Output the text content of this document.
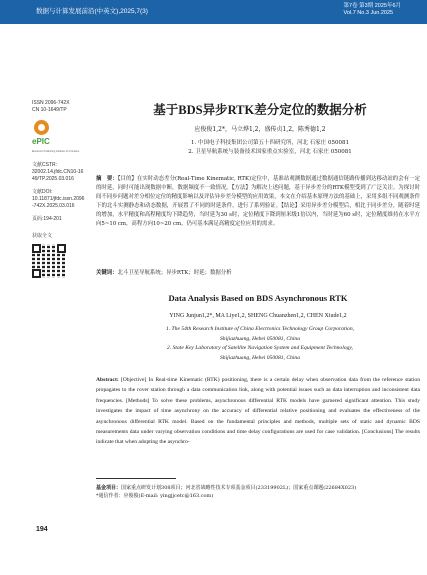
数据与计算发展前沿(中英文),2025,7(3)
第7卷 第3期 2025年6月
Vol.7 No.3 Jun.2025
ISSN 2096-742X
CN 10-1649/TP
ePIC
Electronic Publishing Initiative for Frontiers
文献CSTR:
32002.14.jfdc.CN10-1649/TP.2025.03.016
文献DOI:
10.11871/jfdc.issn.2096-742X.2025.03.016
页码:194-201
获取全文
基于BDS异步RTK差分定位的数据分析
应俊俊1,2*，马立烨1,2，盛传贞1,2，陈秀德1,2
1. 中国电子科技集团公司第五十四研究所，河北 石家庄 050081
2. 卫星导航系统与装备技术国家重点实验室，河北 石家庄 050081
摘　要：【目的】在实时动态差分(Real-Time Kinematic, RTK)定位中，基准站观测数据通过数据通信链路传播到达移动站的会有一定的时延，同时可能出现数据中断，数据频度不一致情况。【方法】为解决上述问题，基于异步差分的RTK模型受到了广泛关注。为探讨时间不同步问题对差分相位定位的精度影响以及评估异步差分模型的应用效果，本文在介绍基本原理方法的基础上，采用多组不同观测条件下的北斗实测静态和动态数据，开展置了不同的时延条件，进行了系列验证。【结论】采用异步差分模型后，相比于同步差分，随着时延的增加，水平精度和高程精度均下降趋势，当时延为30 s时，定位精度下降到厘米级1倍以内，当时延为60 s时，定位精度维持在水平方向5~10 cm，高程方向10~20 cm，仍可基本满足高精度定位应用的需求。
关键词：北斗卫星导航系统；异步RTK；时延；数据分析
Data Analysis Based on BDS Asynchronous RTK
YING Junjun1,2*, MA Liye1,2, SHENG Chuanzhen1,2, CHEN Xiude1,2
1. The 54th Research Institute of China Electronics Technology Group Corporation,
Shijiazhuang, Hebei 050081, China
2. State Key Laboratory of Satellite Navigation System and Equipment Technology,
Shijiazhuang, Hebei 050081, China
Abstract: [Objective] In Real-time Kinematic (RTK) positioning, there is a certain delay when observation data from the reference station propagates to the rover station through a data communication link, along with potential issues such as data interruption and inconsistent data frequencies. [Methods] To solve these problems, asynchronous differential RTK models have garnered significant attention. This study investigates the impact of time asynchrony on the accuracy of differential relative positioning and evaluates the effectiveness of the asynchronous differential RTK model. Based on the fundamental principles and methods, multiple sets of static and dynamic BDS measurements data under varying observation conditions and time delay configurations are used for case validation. [Conclusions] The results indicate that when adopting the asynchro-
基金项目：国家重点研发计划308项目；河北省战略性技术专项基金项目(23319902L)；国家重点课题(22684X023)
*通信作者：应俊俊(E-mail: yingjjcetc@163.com)
194
